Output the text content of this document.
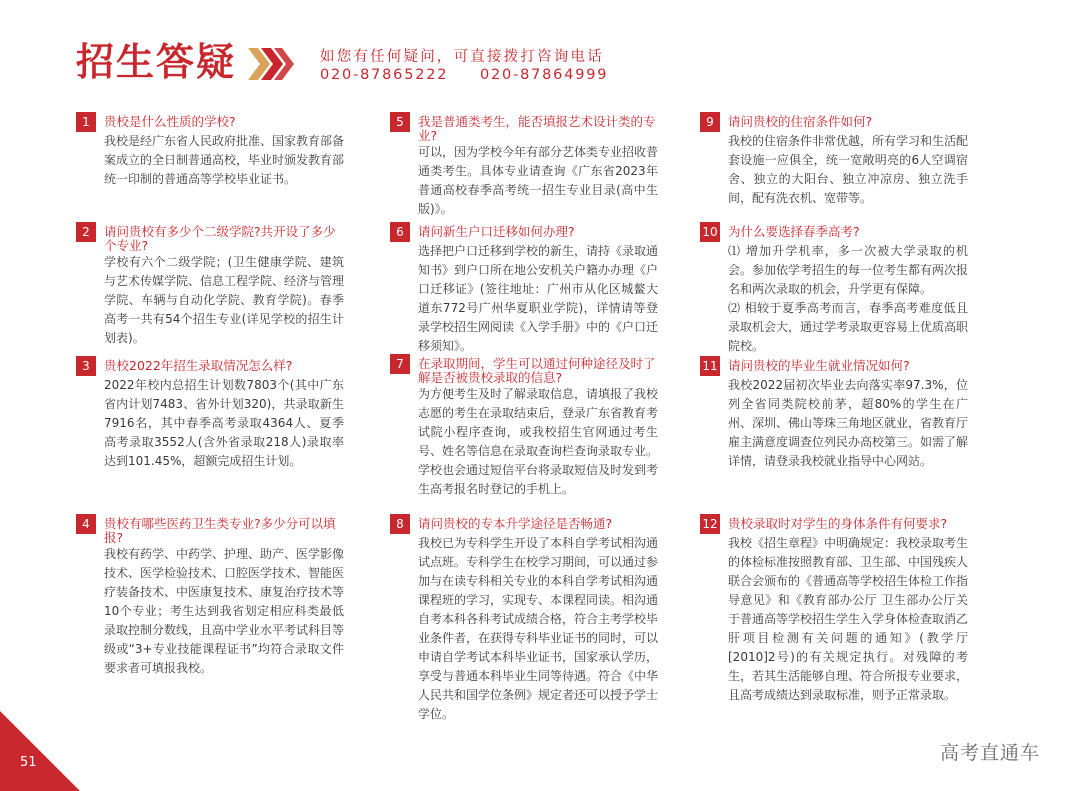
招生答疑	如您有任何疑问，可直接拨打咨询电话
020-87865222	020-87864999
1	贵校是什么性质的学校?

我校是经广东省人民政府批准、国家教育部备案成立的全日制普通高校，毕业时颁发教育部统一印制的普通高等学校毕业证书。

2	请问贵校有多少个二级学院?共开设了多少个专业?

学校有六个二级学院；(卫生健康学院、建筑与艺术传媒学院、信息工程学院、经济与管理学院、车辆与自动化学院、教育学院)。春季高考一共有54个招生专业(详见学校的招生计划表)。

3	贵校2022年招生录取情况怎么样?

2022年校内总招生计划数7803个(其中广东省内计划7483、省外计划320)，共录取新生7916名，其中春季高考录取4364人、夏季高考录取3552人(含外省录取218人)录取率达到101.45%，超额完成招生计划。

4	贵校有哪些医药卫生类专业?多少分可以填报?

我校有药学、中药学、护理、助产、医学影像技术、医学检验技术、口腔医学技术、智能医疗装备技术、中医康复技术、康复治疗技术等10个专业；考生达到我省划定相应科类最低录取控制分数线，且高中学业水平考试科目等级或“3+专业技能课程证书”均符合录取文件要求者可填报我校。

5	我是普通类考生，能否填报艺术设计类的专业?

可以，因为学校今年有部分艺体类专业招收普通类考生。具体专业请查询《广东省2023年普通高校春季高考统一招生专业目录(高中生版)》。

6	请问新生户口迁移如何办理?

选择把户口迁移到学校的新生，请持《录取通知书》到户口所在地公安机关户籍办办理《户口迁移证》(签往地址：广州市从化区城鳌大道东772号广州华夏职业学院)，详情请等登录学校招生网阅读《入学手册》中的《户口迁移须知》。

7	在录取期间，学生可以通过何种途径及时了解是否被贵校录取的信息?

为方便考生及时了解录取信息，请填报了我校志愿的考生在录取结束后，登录广东省教育考试院小程序查询，或我校招生官网通过考生号、姓名等信息在录取查询栏查询录取专业。学校也会通过短信平台将录取短信及时发到考生高考报名时登记的手机上。

8	请问贵校的专本升学途径是否畅通?

我校已为专科学生开设了本科自学考试相沟通试点班。专科学生在校学习期间，可以通过参加与在读专科相关专业的本科自学考试相沟通课程班的学习，实现专、本课程同读。相沟通自考本科各科考试成绩合格，符合主考学校毕业条件者，在获得专科毕业证书的同时，可以申请自学考试本科毕业证书，国家承认学历，享受与普通本科毕业生同等待遇。符合《中华人民共和国学位条例》规定者还可以授予学士学位。

9	请问贵校的住宿条件如何?

我校的住宿条件非常优越，所有学习和生活配套设施一应俱全，统一宽敞明亮的6人空调宿舍、独立的大阳台、独立冲凉房、独立洗手间，配有洗衣机、宽带等。

10 为什么要选择春季高考?

⑴ 增加升学机率，多一次被大学录取的机会。参加依学考招生的每一位考生都有两次报名和两次录取的机会，升学更有保障。

⑵ 相较于夏季高考而言，春季高考难度低且录取机会大，通过学考录取更容易上优质高职院校。

11 请问贵校的毕业生就业情况如何?

我校2022届初次毕业去向落实率97.3%，位列全省同类院校前茅，超80%的学生在广州、深圳、佛山等珠三角地区就业，省教育厅雇主满意度调查位列民办高校第三。如需了解详情，请登录我校就业指导中心网站。

12 贵校录取时对学生的身体条件有何要求?

我校《招生章程》中明确规定：我校录取考生的体检标准按照教育部、卫生部、中国残疾人联合会颁布的《普通高等学校招生体检工作指导意见》和《教育部办公厅 卫生部办公厅关于普通高等学校招生学生入学身体检查取消乙肝项目检测有关问题的通知》(教学厅[2010]2号)的有关规定执行。对残障的考生，若其生活能够自理、符合所报专业要求，且高考成绩达到录取标准，则予正常录取。

51	高考直通车
